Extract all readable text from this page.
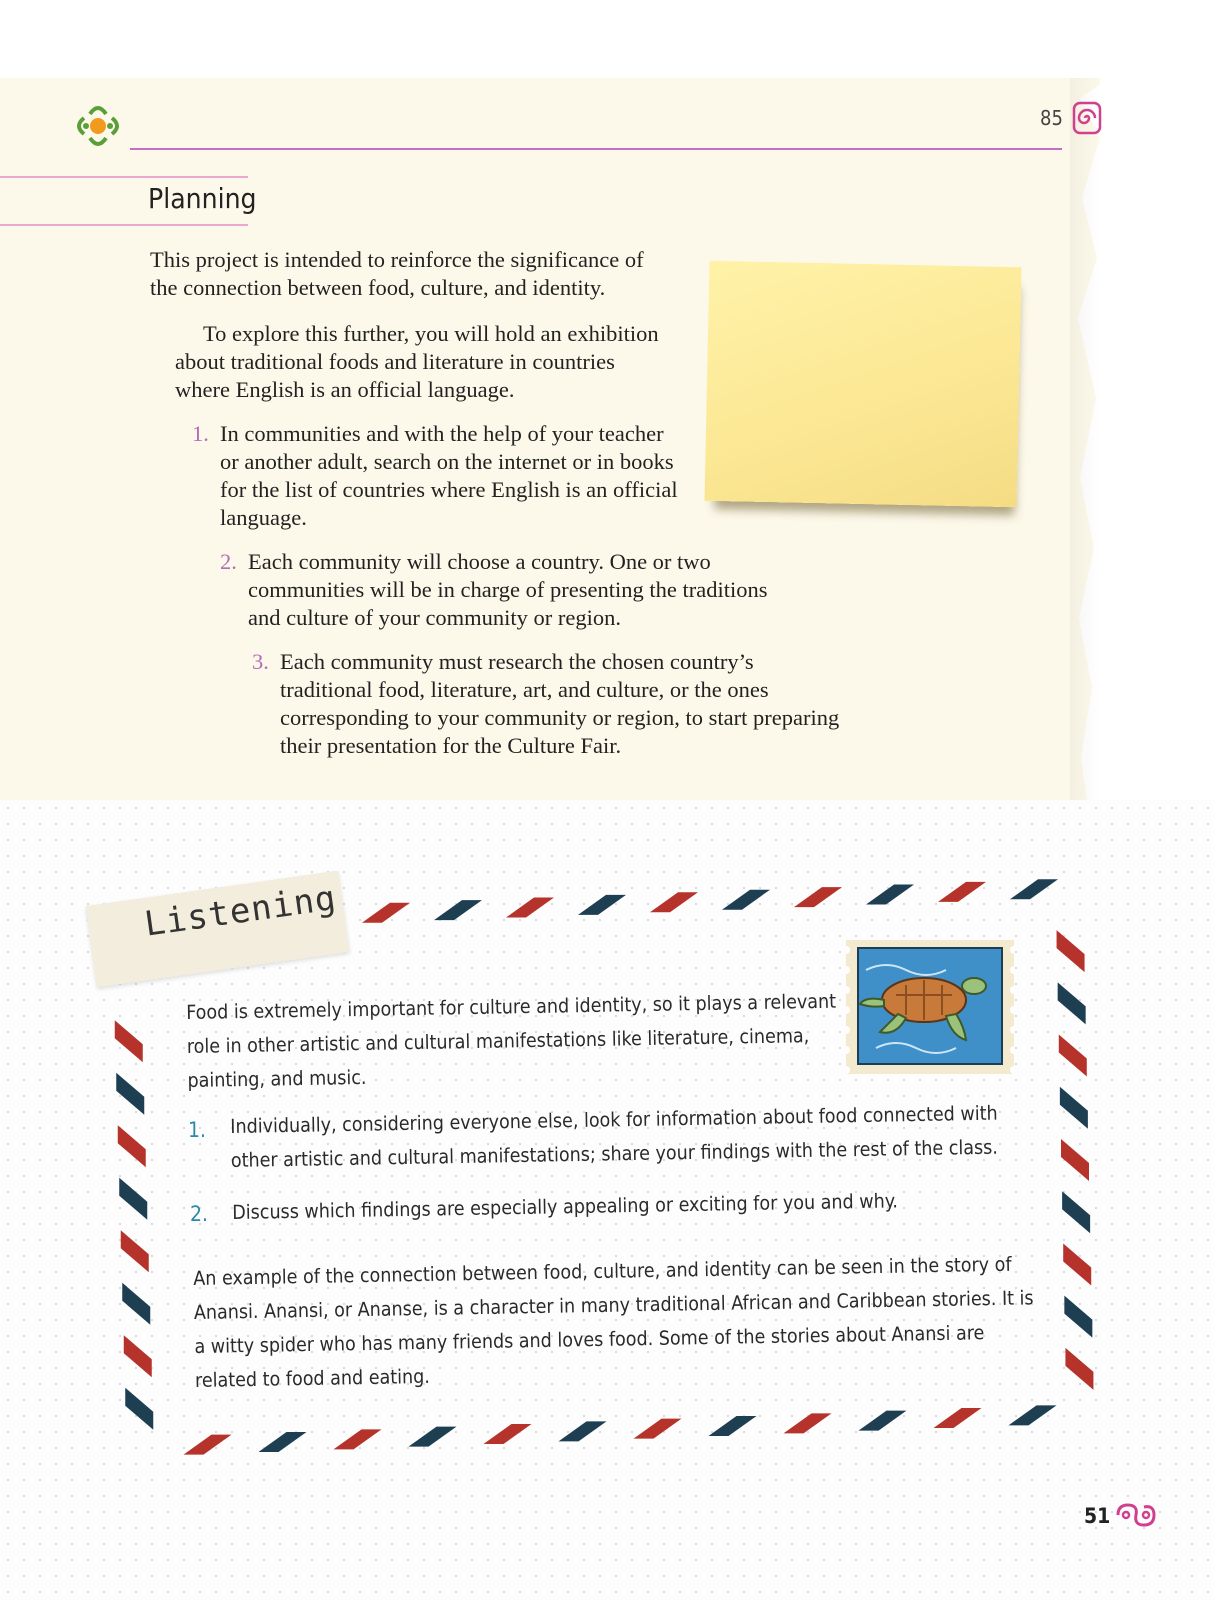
85
Planning

This project is intended to reinforce the significance of the connection between food, culture, and identity.

To explore this further, you will hold an exhibition about traditional foods and literature in countries where English is an official language.

1. In communities and with the help of your teacher or another adult, search on the internet or in books for the list of countries where English is an official language.
2. Each community will choose a country. One or two communities will be in charge of presenting the traditions and culture of your community or region.
3. Each community must research the chosen country’s traditional food, literature, art, and culture, or the ones corresponding to your community or region, to start preparing their presentation for the Culture Fair.
Listening
Food is extremely important for culture and identity, so it plays a relevant role in other artistic and cultural manifestations like literature, cinema, painting, and music.
1. Individually, considering everyone else, look for information about food connected with other artistic and cultural manifestations; share your findings with the rest of the class.
2. Discuss which findings are especially appealing or exciting for you and why.
An example of the connection between food, culture, and identity can be seen in the story of Anansi. Anansi, or Ananse, is a character in many traditional African and Caribbean stories. It is a witty spider who has many friends and loves food. Some of the stories about Anansi are related to food and eating.
51
